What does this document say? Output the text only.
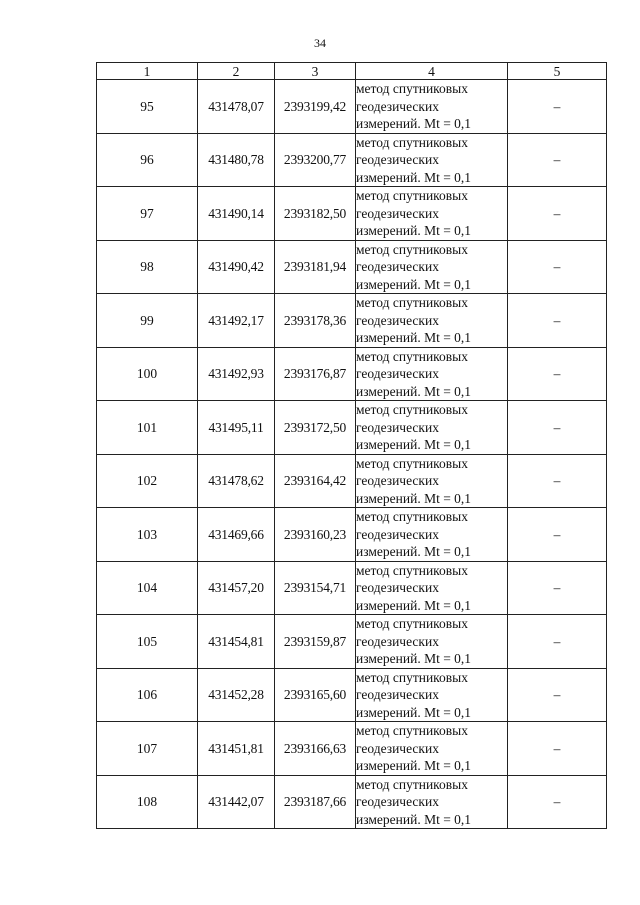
34
1	2	3	4	5
95	431478,07	2393199,42	метод спутниковых
геодезических
измерений. Mt = 0,1	–
96	431480,78	2393200,77	метод спутниковых
геодезических
измерений. Mt = 0,1	–
97	431490,14	2393182,50	метод спутниковых
геодезических
измерений. Mt = 0,1	–
98	431490,42	2393181,94	метод спутниковых
геодезических
измерений. Mt = 0,1	–
99	431492,17	2393178,36	метод спутниковых
геодезических
измерений. Mt = 0,1	–
100	431492,93	2393176,87	метод спутниковых
геодезических
измерений. Mt = 0,1	–
101	431495,11	2393172,50	метод спутниковых
геодезических
измерений. Mt = 0,1	–
102	431478,62	2393164,42	метод спутниковых
геодезических
измерений. Mt = 0,1	–
103	431469,66	2393160,23	метод спутниковых
геодезических
измерений. Mt = 0,1	–
104	431457,20	2393154,71	метод спутниковых
геодезических
измерений. Mt = 0,1	–
105	431454,81	2393159,87	метод спутниковых
геодезических
измерений. Mt = 0,1	–
106	431452,28	2393165,60	метод спутниковых
геодезических
измерений. Mt = 0,1	–
107	431451,81	2393166,63	метод спутниковых
геодезических
измерений. Mt = 0,1	–
108	431442,07	2393187,66	метод спутниковых
геодезических
измерений. Mt = 0,1	–
